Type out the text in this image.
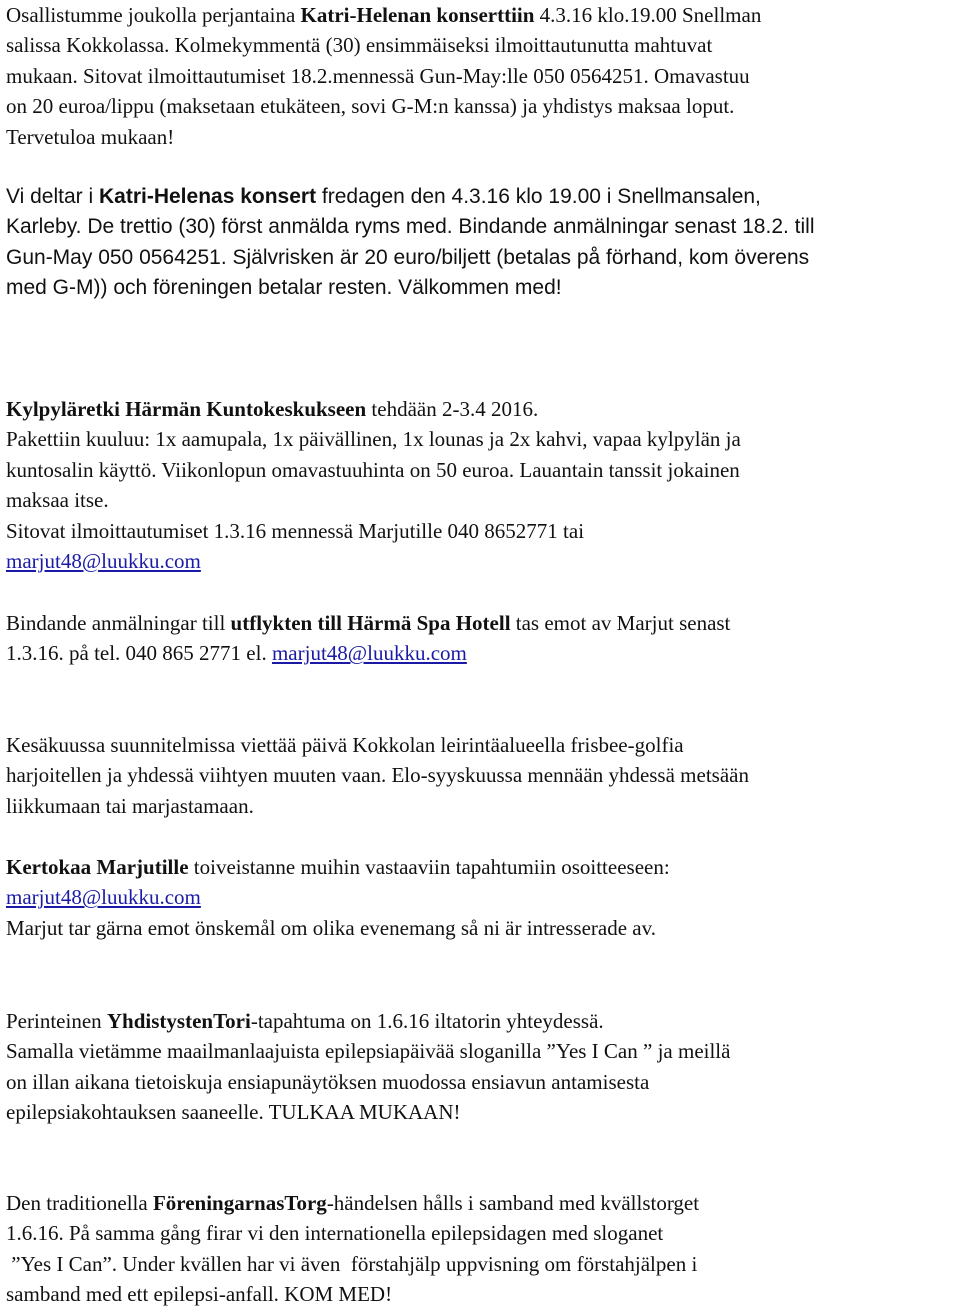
Osallistumme joukolla perjantaina Katri-Helenan konserttiin 4.3.16 klo.19.00 Snellman
salissa Kokkolassa. Kolmekymmentä (30) ensimmäiseksi ilmoittautunutta mahtuvat
mukaan. Sitovat ilmoittautumiset 18.2.mennessä Gun-May:lle 050 0564251. Omavastuu
on 20 euroa/lippu (maksetaan etukäteen, sovi G-M:n kanssa) ja yhdistys maksaa loput.
Tervetuloa mukaan!
Vi deltar i Katri-Helenas konsert fredagen den 4.3.16 klo 19.00 i Snellmansalen,
Karleby. De trettio (30) först anmälda ryms med. Bindande anmälningar senast 18.2. till
Gun-May 050 0564251. Självrisken är 20 euro/biljett (betalas på förhand, kom överens
med G-M)) och föreningen betalar resten. Välkommen med!
Kylpyläretki Härmän Kuntokeskukseen tehdään 2-3.4 2016.
Pakettiin kuuluu: 1x aamupala, 1x päivällinen, 1x lounas ja 2x kahvi, vapaa kylpylän ja
kuntosalin käyttö. Viikonlopun omavastuuhinta on 50 euroa. Lauantain tanssit jokainen
maksaa itse.
Sitovat ilmoittautumiset 1.3.16 mennessä Marjutille 040 8652771 tai
marjut48@luukku.com
Bindande anmälningar till utflykten till Härmä Spa Hotell tas emot av Marjut senast
1.3.16. på tel. 040 865 2771 el. marjut48@luukku.com
Kesäkuussa suunnitelmissa viettää päivä Kokkolan leirintäalueella frisbee-golfia
harjoitellen ja yhdessä viihtyen muuten vaan. Elo-syyskuussa mennään yhdessä metsään
liikkumaan tai marjastamaan.
Kertokaa Marjutille toiveistanne muihin vastaaviin tapahtumiin osoitteeseen:
marjut48@luukku.com
Marjut tar gärna emot önskemål om olika evenemang så ni är intresserade av.
Perinteinen YhdistystenTori-tapahtuma on 1.6.16 iltatorin yhteydessä.
Samalla vietämme maailmanlaajuista epilepsiapäivää sloganilla ”Yes I Can ” ja meillä
on illan aikana tietoiskuja ensiapunäytöksen muodossa ensiavun antamisesta
epilepsiakohtauksen saaneelle. TULKAA MUKAAN!
Den traditionella FöreningarnasTorg-händelsen hålls i samband med kvällstorget
1.6.16. På samma gång firar vi den internationella epilepsidagen med sloganet
”Yes I Can”. Under kvällen har vi även  förstahjälp uppvisning om förstahjälpen i
samband med ett epilepsi-anfall. KOM MED!
